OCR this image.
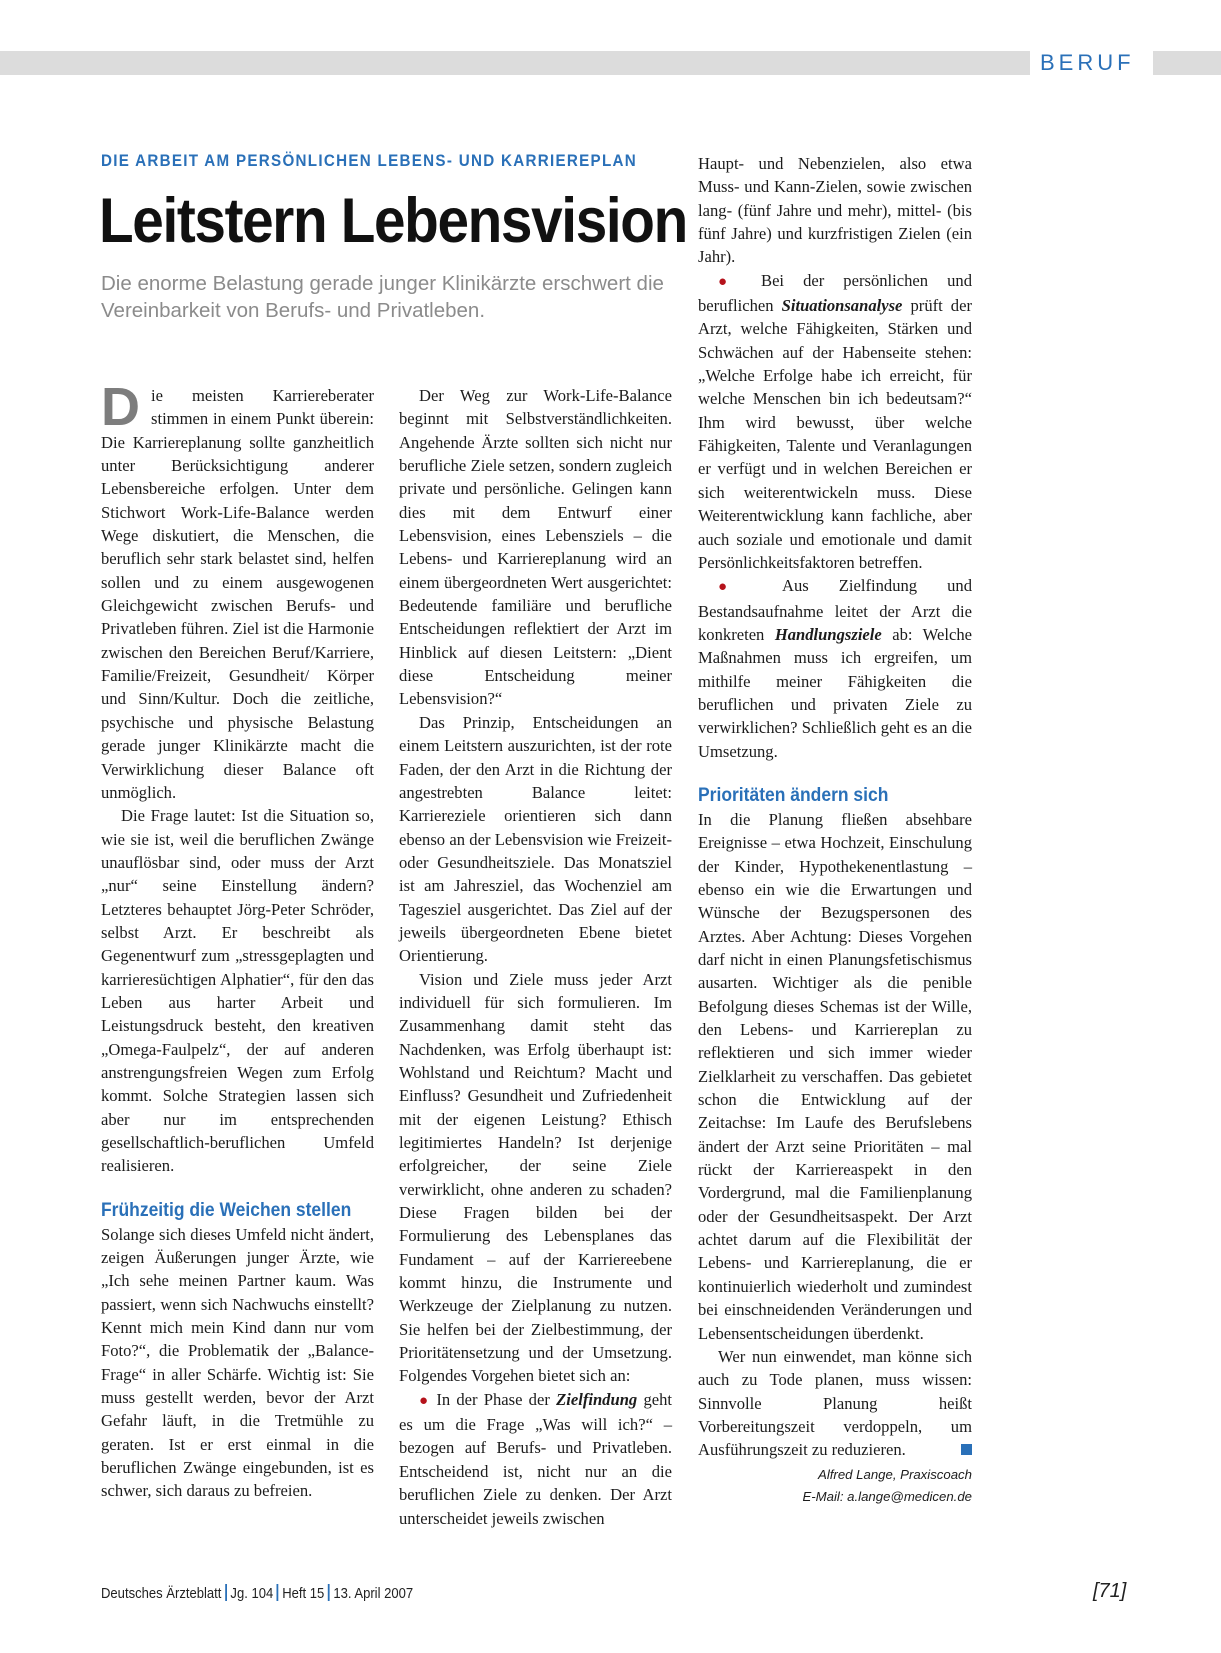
BERUF
DIE ARBEIT AM PERSÖNLICHEN LEBENS- UND KARRIEREPLAN
Leitstern Lebensvision
Die enorme Belastung gerade junger Klinikärzte erschwert die Vereinbarkeit von Berufs- und Privatleben.

Die meisten Karriereberater stimmen in einem Punkt überein: Die Karriereplanung sollte ganzheitlich unter Berücksichtigung anderer Lebensbereiche erfolgen. Unter dem Stichwort Work-Life-Balance werden Wege diskutiert, die Menschen, die beruflich sehr stark belastet sind, helfen sollen und zu einem ausgewogenen Gleichgewicht zwischen Berufs- und Privatleben führen. Ziel ist die Harmonie zwischen den Bereichen Beruf/Karriere, Familie/Freizeit, Gesundheit/ Körper und Sinn/Kultur. Doch die zeitliche, psychische und physische Belastung gerade junger Klinikärzte macht die Verwirklichung dieser Balance oft unmöglich.

Die Frage lautet: Ist die Situation so, wie sie ist, weil die beruflichen Zwänge unauflösbar sind, oder muss der Arzt „nur“ seine Einstellung ändern? Letzteres behauptet Jörg-Peter Schröder, selbst Arzt. Er beschreibt als Gegenentwurf zum „stressgeplagten und karrieresüchtigen Alphatier“, für den das Leben aus harter Arbeit und Leistungsdruck besteht, den kreativen „Omega-Faulpelz“, der auf anderen anstrengungsfreien Wegen zum Erfolg kommt. Solche Strategien lassen sich aber nur im entsprechenden gesellschaftlich-beruflichen Umfeld realisieren.

Frühzeitig die Weichen stellen

Solange sich dieses Umfeld nicht ändert, zeigen Äußerungen junger Ärzte, wie „Ich sehe meinen Partner kaum. Was passiert, wenn sich Nachwuchs einstellt? Kennt mich mein Kind dann nur vom Foto?“, die Problematik der „Balance-Frage“ in aller Schärfe. Wichtig ist: Sie muss gestellt werden, bevor der Arzt Gefahr läuft, in die Tretmühle zu geraten. Ist er erst einmal in die beruflichen Zwänge eingebunden, ist es schwer, sich daraus zu befreien.

Der Weg zur Work-Life-Balance beginnt mit Selbstverständlichkeiten. Angehende Ärzte sollten sich nicht nur berufliche Ziele setzen, sondern zugleich private und persönliche. Gelingen kann dies mit dem Entwurf einer Lebensvision, eines Lebensziels – die Lebens- und Karriereplanung wird an einem übergeordneten Wert ausgerichtet: Bedeutende familiäre und berufliche Entscheidungen reflektiert der Arzt im Hinblick auf diesen Leitstern: „Dient diese Entscheidung meiner Lebensvision?“

Das Prinzip, Entscheidungen an einem Leitstern auszurichten, ist der rote Faden, der den Arzt in die Richtung der angestrebten Balance leitet: Karriereziele orientieren sich dann ebenso an der Lebensvision wie Freizeit- oder Gesundheitsziele. Das Monatsziel ist am Jahresziel, das Wochenziel am Tagesziel ausgerichtet. Das Ziel auf der jeweils übergeordneten Ebene bietet Orientierung.

Vision und Ziele muss jeder Arzt individuell für sich formulieren. Im Zusammenhang damit steht das Nachdenken, was Erfolg überhaupt ist: Wohlstand und Reichtum? Macht und Einfluss? Gesundheit und Zufriedenheit mit der eigenen Leistung? Ethisch legitimiertes Handeln? Ist derjenige erfolgreicher, der seine Ziele verwirklicht, ohne anderen zu schaden? Diese Fragen bilden bei der Formulierung des Lebensplanes das Fundament – auf der Karriereebene kommt hinzu, die Instrumente und Werkzeuge der Zielplanung zu nutzen. Sie helfen bei der Zielbestimmung, der Prioritätensetzung und der Umsetzung. Folgendes Vorgehen bietet sich an:

● In der Phase der Zielfindung geht es um die Frage „Was will ich?“ – bezogen auf Berufs- und Privatleben. Entscheidend ist, nicht nur an die beruflichen Ziele zu denken. Der Arzt unterscheidet jeweils zwischen

Haupt- und Nebenzielen, also etwa Muss- und Kann-Zielen, sowie zwischen lang- (fünf Jahre und mehr), mittel- (bis fünf Jahre) und kurzfristigen Zielen (ein Jahr).

● Bei der persönlichen und beruflichen Situationsanalyse prüft der Arzt, welche Fähigkeiten, Stärken und Schwächen auf der Habenseite stehen: „Welche Erfolge habe ich erreicht, für welche Menschen bin ich bedeutsam?“ Ihm wird bewusst, über welche Fähigkeiten, Talente und Veranlagungen er verfügt und in welchen Bereichen er sich weiterentwickeln muss. Diese Weiterentwicklung kann fachliche, aber auch soziale und emotionale und damit Persönlichkeitsfaktoren betreffen.

● Aus Zielfindung und Bestandsaufnahme leitet der Arzt die konkreten Handlungsziele ab: Welche Maßnahmen muss ich ergreifen, um mithilfe meiner Fähigkeiten die beruflichen und privaten Ziele zu verwirklichen? Schließlich geht es an die Umsetzung.

Prioritäten ändern sich

In die Planung fließen absehbare Ereignisse – etwa Hochzeit, Einschulung der Kinder, Hypothekenentlastung – ebenso ein wie die Erwartungen und Wünsche der Bezugspersonen des Arztes. Aber Achtung: Dieses Vorgehen darf nicht in einen Planungsfetischismus ausarten. Wichtiger als die penible Befolgung dieses Schemas ist der Wille, den Lebens- und Karriereplan zu reflektieren und sich immer wieder Zielklarheit zu verschaffen. Das gebietet schon die Entwicklung auf der Zeitachse: Im Laufe des Berufslebens ändert der Arzt seine Prioritäten – mal rückt der Karriereaspekt in den Vordergrund, mal die Familienplanung oder der Gesundheitsaspekt. Der Arzt achtet darum auf die Flexibilität der Lebens- und Karriereplanung, die er kontinuierlich wiederholt und zumindest bei einschneidenden Veränderungen und Lebensentscheidungen überdenkt.

Wer nun einwendet, man könne sich auch zu Tode planen, muss wissen: Sinnvolle Planung heißt Vorbereitungszeit verdoppeln, um Ausführungszeit zu reduzieren.

Alfred Lange, Praxiscoach
E-Mail: a.lange@medicen.de
Deutsches Ärzteblatt Jg. 104 Heft 15 13. April 2007	[71]
